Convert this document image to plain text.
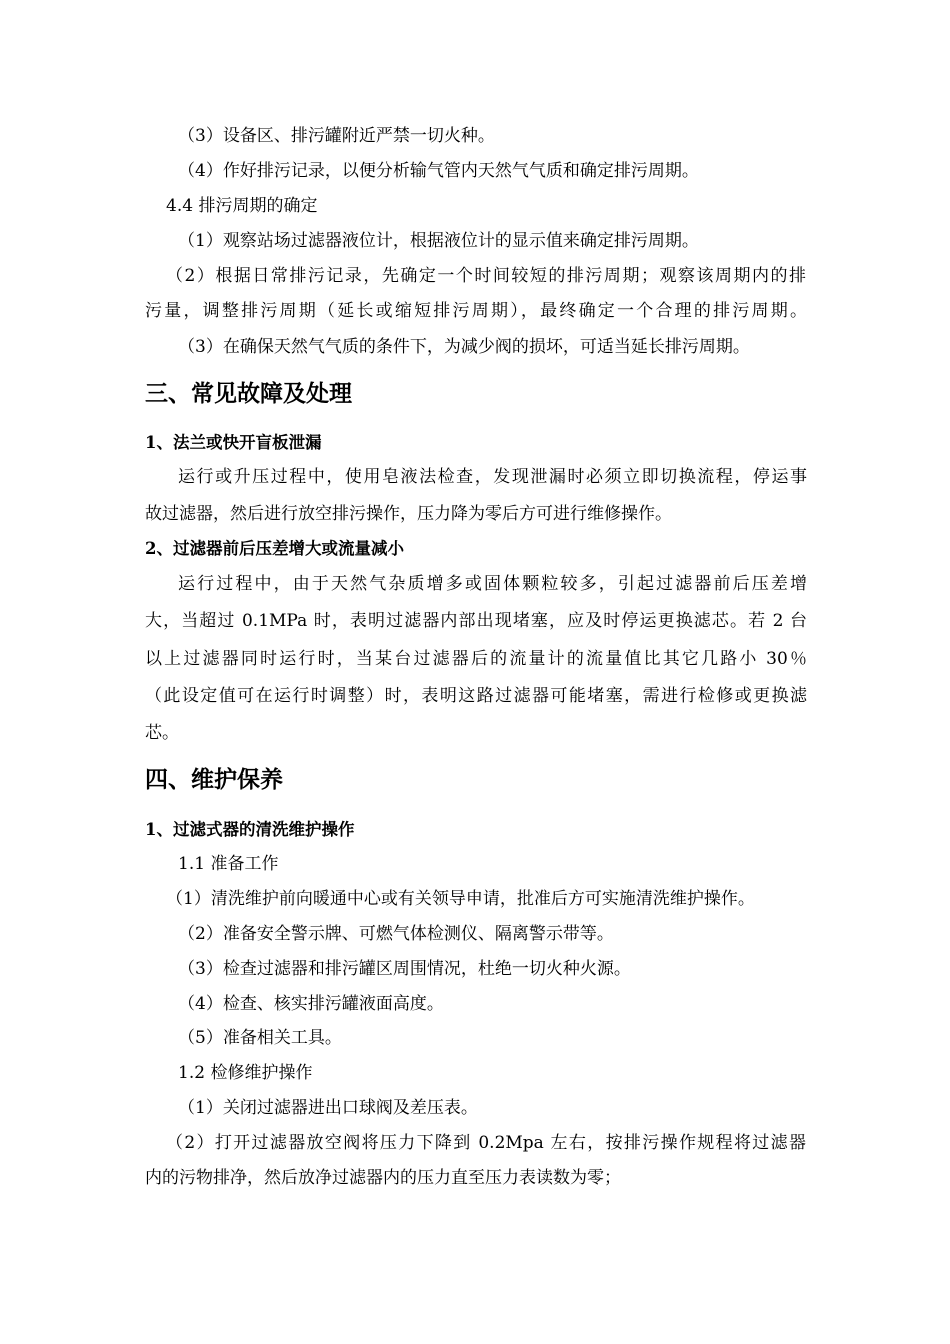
（3）设备区、排污罐附近严禁一切火种。
（4）作好排污记录，以便分析输气管内天然气气质和确定排污周期。
4.4 排污周期的确定
（1）观察站场过滤器液位计，根据液位计的显示值来确定排污周期。
（2）根据日常排污记录，先确定一个时间较短的排污周期；观察该周期内的排
污量，调整排污周期（延长或缩短排污周期），最终确定一个合理的排污周期。
（3）在确保天然气气质的条件下，为减少阀的损坏，可适当延长排污周期。
三、常见故障及处理
1、法兰或快开盲板泄漏
运行或升压过程中，使用皂液法检查，发现泄漏时必须立即切换流程，停运事
故过滤器，然后进行放空排污操作，压力降为零后方可进行维修操作。
2、过滤器前后压差增大或流量减小
运行过程中，由于天然气杂质增多或固体颗粒较多，引起过滤器前后压差增
大，当超过 0.1MPa 时，表明过滤器内部出现堵塞，应及时停运更换滤芯。若 2 台
以上过滤器同时运行时，当某台过滤器后的流量计的流量值比其它几路小 30％
（此设定值可在运行时调整）时，表明这路过滤器可能堵塞，需进行检修或更换滤
芯。
四、维护保养
1、过滤式器的清洗维护操作
1.1 准备工作
（1）清洗维护前向暖通中心或有关领导申请，批准后方可实施清洗维护操作。
（2）准备安全警示牌、可燃气体检测仪、隔离警示带等。
（3）检查过滤器和排污罐区周围情况，杜绝一切火种火源。
（4）检查、核实排污罐液面高度。
（5）准备相关工具。
1.2 检修维护操作
（1）关闭过滤器进出口球阀及差压表。
（2）打开过滤器放空阀将压力下降到 0.2Mpa 左右，按排污操作规程将过滤器
内的污物排净，然后放净过滤器内的压力直至压力表读数为零；
